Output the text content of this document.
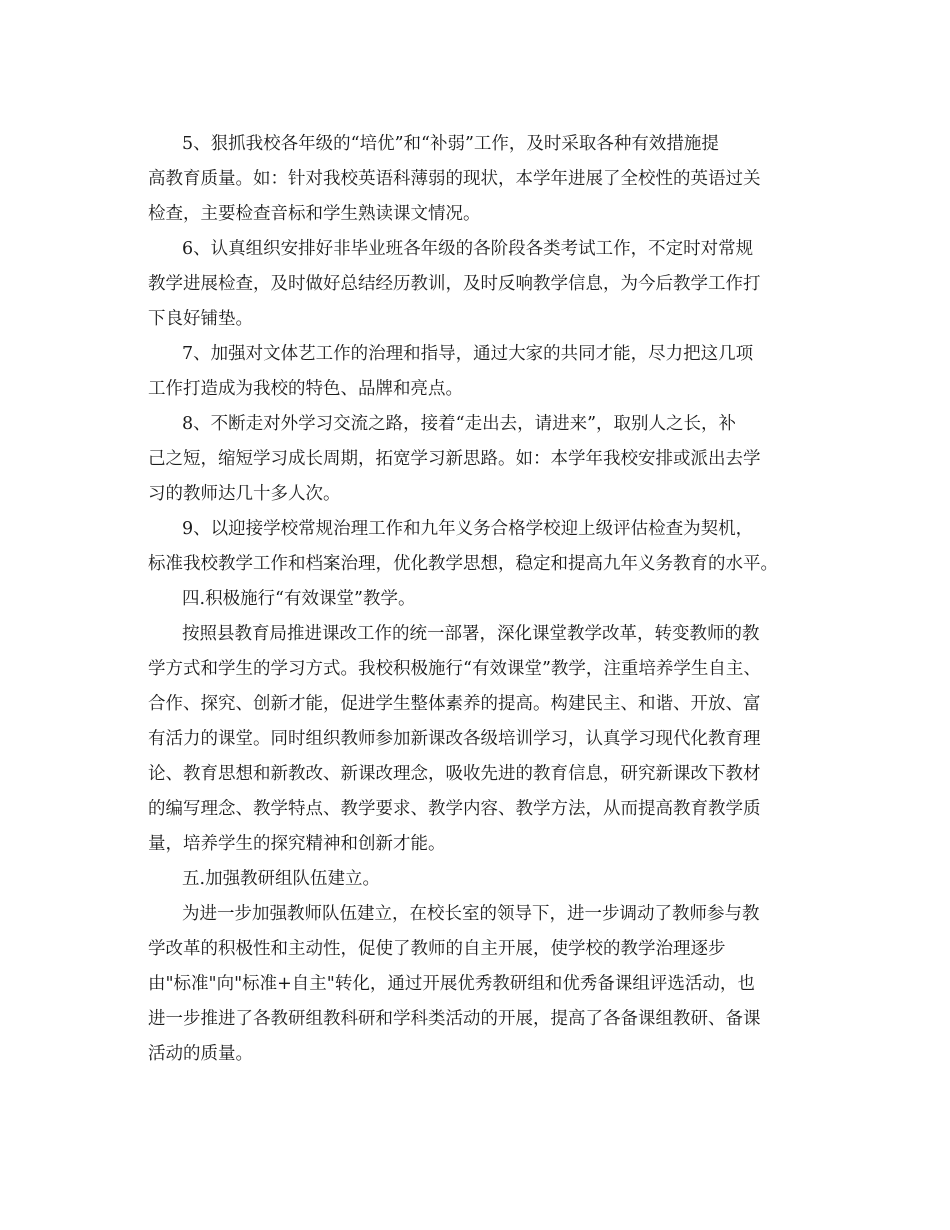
5、狠抓我校各年级的“培优”和“补弱”工作，及时采取各种有效措施提
高教育质量。如：针对我校英语科薄弱的现状，本学年进展了全校性的英语过关
检查，主要检查音标和学生熟读课文情况。
6、认真组织安排好非毕业班各年级的各阶段各类考试工作，不定时对常规
教学进展检查，及时做好总结经历教训，及时反响教学信息，为今后教学工作打
下良好铺垫。
7、加强对文体艺工作的治理和指导，通过大家的共同才能，尽力把这几项
工作打造成为我校的特色、品牌和亮点。
8、不断走对外学习交流之路，接着“走出去，请进来”，取别人之长，补
己之短，缩短学习成长周期，拓宽学习新思路。如：本学年我校安排或派出去学
习的教师达几十多人次。
9、以迎接学校常规治理工作和九年义务合格学校迎上级评估检查为契机，
标准我校教学工作和档案治理，优化教学思想，稳定和提高九年义务教育的水平。
四.积极施行“有效课堂”教学。
按照县教育局推进课改工作的统一部署，深化课堂教学改革，转变教师的教
学方式和学生的学习方式。我校积极施行“有效课堂”教学，注重培养学生自主、
合作、探究、创新才能，促进学生整体素养的提高。构建民主、和谐、开放、富
有活力的课堂。同时组织教师参加新课改各级培训学习，认真学习现代化教育理
论、教育思想和新教改、新课改理念，吸收先进的教育信息，研究新课改下教材
的编写理念、教学特点、教学要求、教学内容、教学方法，从而提高教育教学质
量，培养学生的探究精神和创新才能。
五.加强教研组队伍建立。
为进一步加强教师队伍建立，在校长室的领导下，进一步调动了教师参与教
学改革的积极性和主动性，促使了教师的自主开展，使学校的教学治理逐步
由"标准"向"标准+自主"转化，通过开展优秀教研组和优秀备课组评选活动，也
进一步推进了各教研组教科研和学科类活动的开展，提高了各备课组教研、备课
活动的质量。
